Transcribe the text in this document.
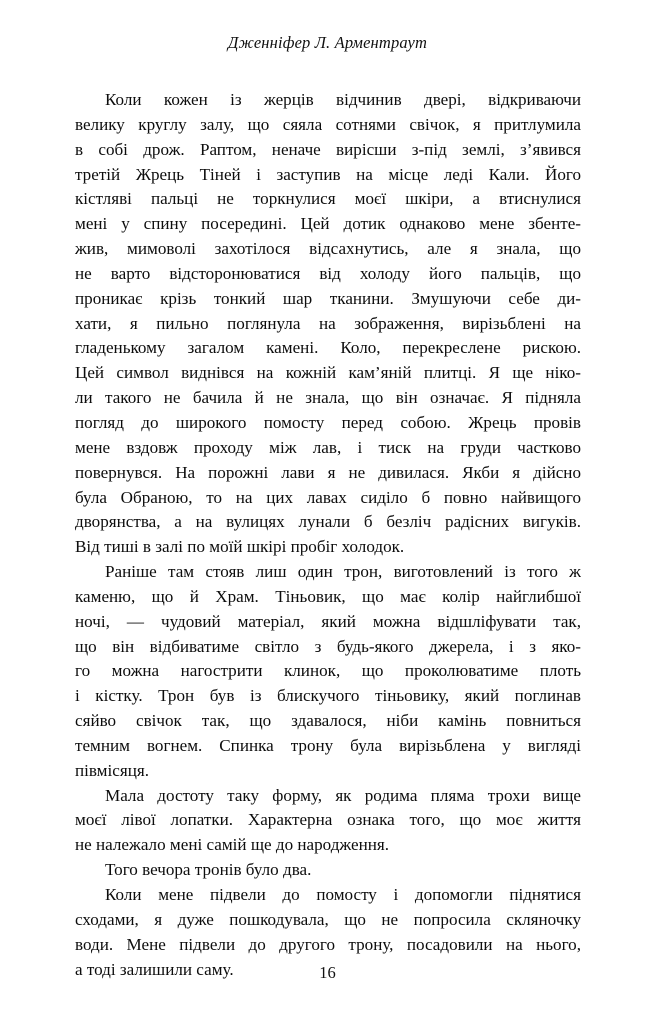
Дженніфер Л. Арментраут

Коли кожен із жерців відчинив двері, відкриваючи
велику круглу залу, що сяяла сотнями свічок, я притлумила
в собі дрож. Раптом, неначе вирісши з-під землі, з’явився
третій Жрець Тіней і заступив на місце леді Кали. Його
кістляві пальці не торкнулися моєї шкіри, а втиснулися
мені у спину посередині. Цей дотик однаково мене збенте-
жив, мимоволі захотілося відсахнутись, але я знала, що
не варто відсторонюватися від холоду його пальців, що
проникає крізь тонкий шар тканини. Змушуючи себе ди-
хати, я пильно поглянула на зображення, вирізьблені на
гладенькому загалом камені. Коло, перекреслене рискою.
Цей символ виднівся на кожній кам’яній плитці. Я ще ніко-
ли такого не бачила й не знала, що він означає. Я підняла
погляд до широкого помосту перед собою. Жрець провів
мене вздовж проходу між лав, і тиск на груди частково
повернувся. На порожні лави я не дивилася. Якби я дійсно
була Обраною, то на цих лавах сиділо б повно найвищого
дворянства, а на вулицях лунали б безліч радісних вигуків.
Від тиші в залі по моїй шкірі пробіг холодок.

Раніше там стояв лиш один трон, виготовлений із того ж
каменю, що й Храм. Тіньовик, що має колір найглибшої
ночі, — чудовий матеріал, який можна відшліфувати так,
що він відбиватиме світло з будь-якого джерела, і з яко-
го можна нагострити клинок, що проколюватиме плоть
і кістку. Трон був із блискучого тіньовику, який поглинав
сяйво свічок так, що здавалося, ніби камінь повниться
темним вогнем. Спинка трону була вирізьблена у вигляді
півмісяця.

Мала достоту таку форму, як родима пляма трохи вище
моєї лівої лопатки. Характерна ознака того, що моє життя
не належало мені самій ще до народження.

Того вечора тронів було два.

Коли мене підвели до помосту і допомогли піднятися
сходами, я дуже пошкодувала, що не попросила скляночку
води. Мене підвели до другого трону, посадовили на нього,
а тоді залишили саму.	16
